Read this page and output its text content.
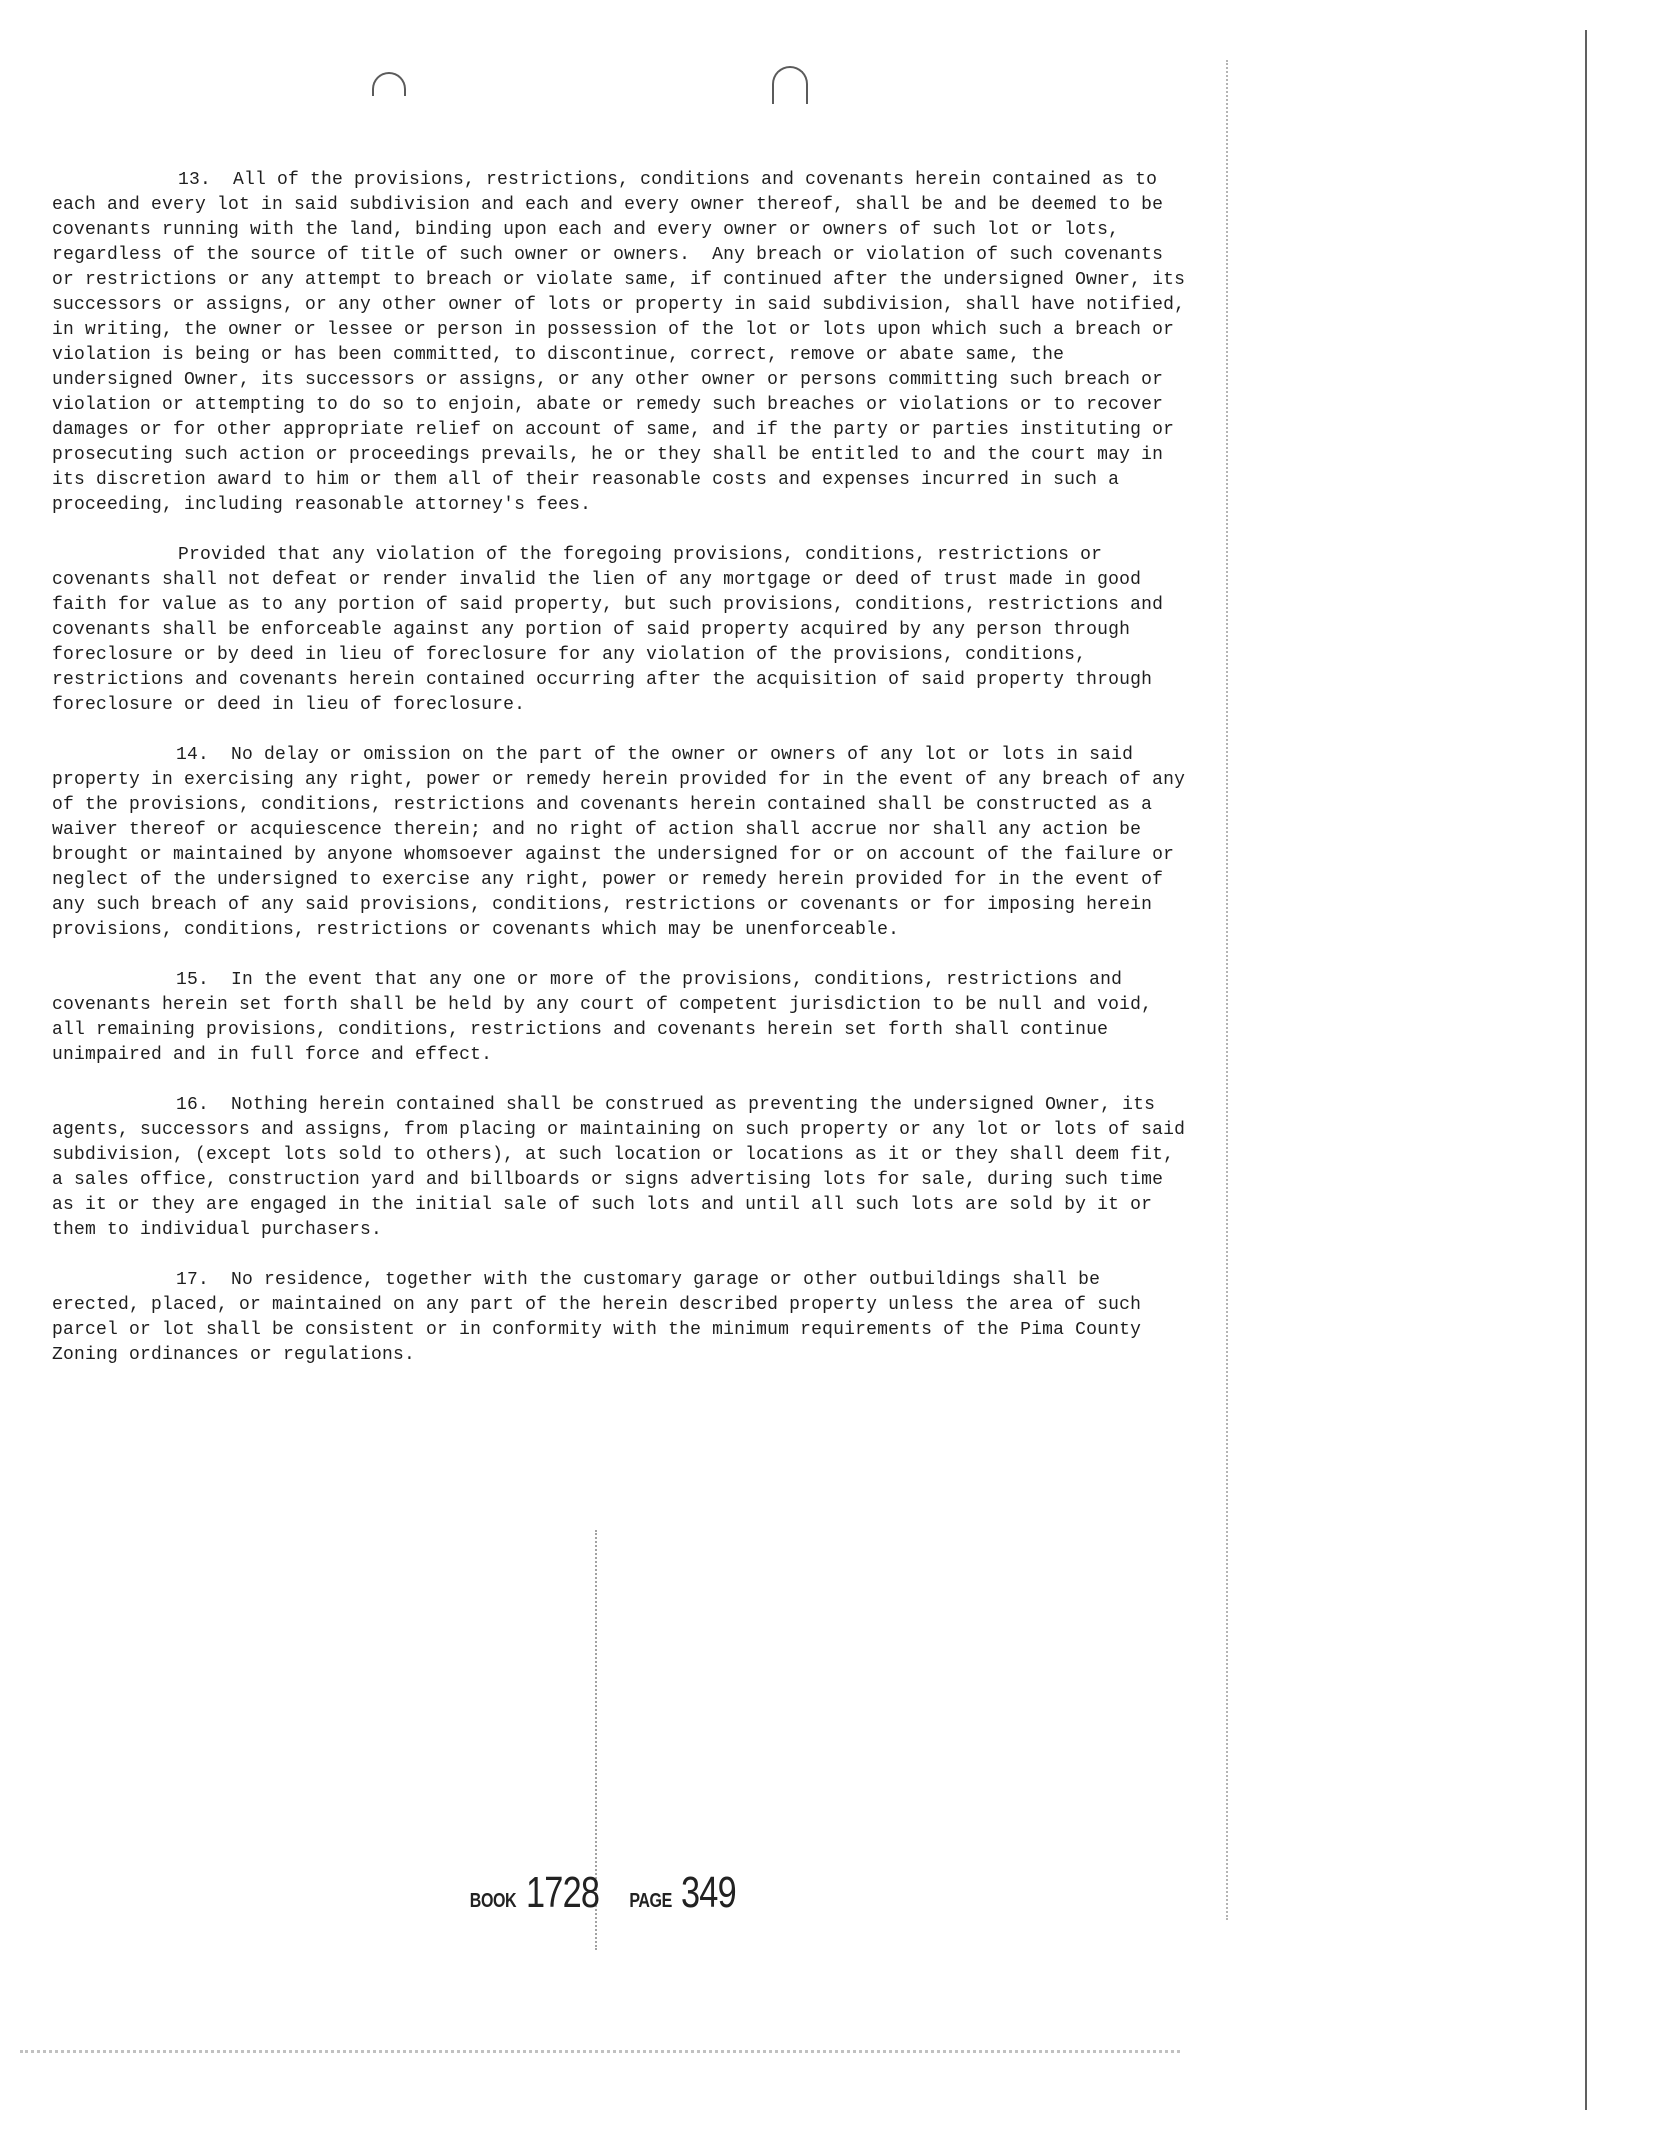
13.  All of the provisions, restrictions, conditions and covenants herein contained as to each and every lot in said subdivision and each and every owner thereof, shall be and be deemed to be covenants running with the land, binding upon each and every owner or owners of such lot or lots, regardless of the source of title of such owner or owners.  Any breach or violation of such covenants or restrictions or any attempt to breach or violate same, if continued after the undersigned Owner, its successors or assigns, or any other owner of lots or property in said subdivision, shall have notified, in writing, the owner or lessee or person in possession of the lot or lots upon which such a breach or violation is being or has been committed, to discontinue, correct, remove or abate same, the undersigned Owner, its successors or assigns, or any other owner or persons committing such breach or violation or attempting to do so to enjoin, abate or remedy such breaches or violations or to recover damages or for other appropriate relief on account of same, and if the party or parties instituting or prosecuting such action or proceedings prevails, he or they shall be entitled to and the court may in its discretion award to him or them all of their reasonable costs and expenses incurred in such a proceeding, including reasonable attorney's fees.

Provided that any violation of the foregoing provisions, conditions, restrictions or covenants shall not defeat or render invalid the lien of any mortgage or deed of trust made in good faith for value as to any portion of said property, but such provisions, conditions, restrictions and covenants shall be enforceable against any portion of said property acquired by any person through foreclosure or by deed in lieu of foreclosure for any violation of the provisions, conditions, restrictions and covenants herein contained occurring after the acquisition of said property through foreclosure or deed in lieu of foreclosure.

14.  No delay or omission on the part of the owner or owners of any lot or lots in said property in exercising any right, power or remedy herein provided for in the event of any breach of any of the provisions, conditions, restrictions and covenants herein contained shall be constructed as a waiver thereof or acquiescence therein; and no right of action shall accrue nor shall any action be brought or maintained by anyone whomsoever against the undersigned for or on account of the failure or neglect of the undersigned to exercise any right, power or remedy herein provided for in the event of any such breach of any said provisions, conditions, restrictions or covenants or for imposing herein provisions, conditions, restrictions or covenants which may be unenforceable.

15.  In the event that any one or more of the provisions, conditions, restrictions and covenants herein set forth shall be held by any court of competent jurisdiction to be null and void, all remaining provisions, conditions, restrictions and covenants herein set forth shall continue unimpaired and in full force and effect.

16.  Nothing herein contained shall be construed as preventing the undersigned Owner, its agents, successors and assigns, from placing or maintaining on such property or any lot or lots of said subdivision, (except lots sold to others), at such location or locations as it or they shall deem fit, a sales office, construction yard and billboards or signs advertising lots for sale, during such time as it or they are engaged in the initial sale of such lots and until all such lots are sold by it or them to individual purchasers.

17.  No residence, together with the customary garage or other outbuildings shall be erected, placed, or maintained on any part of the herein described property unless the area of such parcel or lot shall be consistent or in conformity with the minimum requirements of the Pima County Zoning ordinances or regulations.

BOOK 1728 PAGE 349
